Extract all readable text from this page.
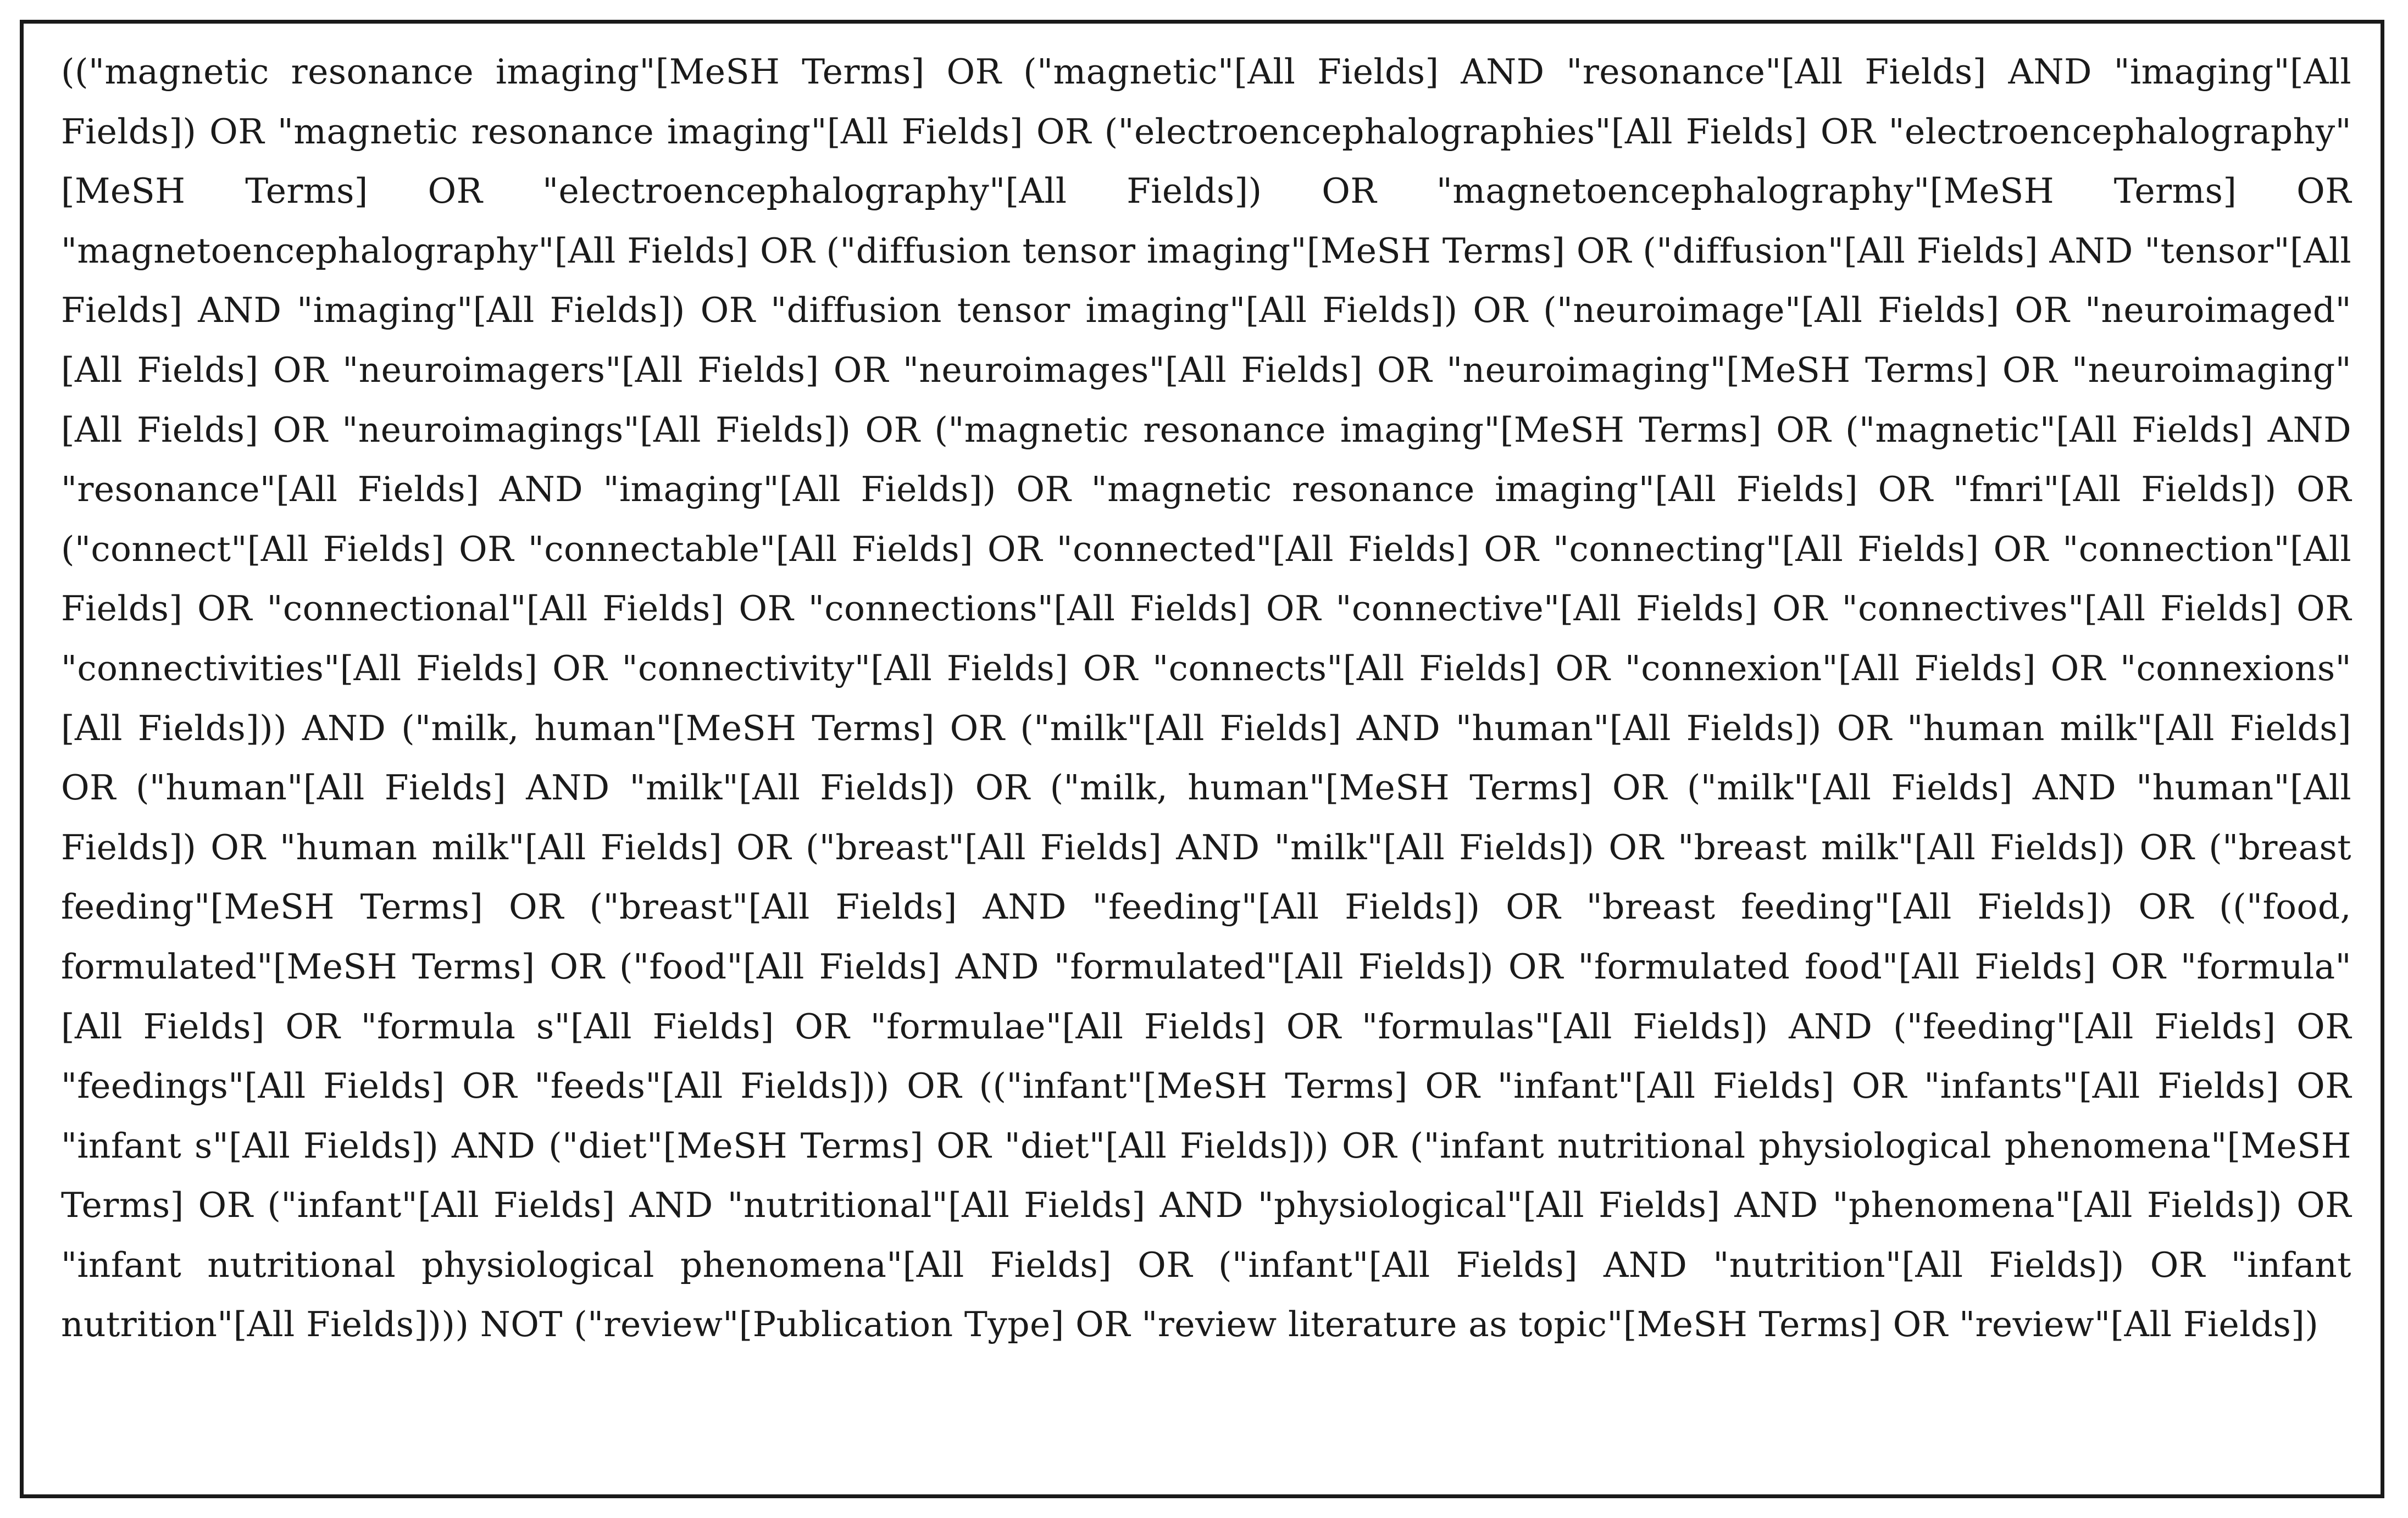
(("magnetic resonance imaging"[MeSH Terms] OR ("magnetic"[All Fields] AND "resonance"[All Fields] AND "imaging"[All Fields]) OR "magnetic resonance imaging"[All Fields] OR ("electroencephalographies"[All Fields] OR "electroencephalography"[MeSH Terms] OR "electroencephalography"[All Fields]) OR "magnetoencephalography"[MeSH Terms] OR "magnetoencephalography"[All Fields] OR ("diffusion tensor imaging"[MeSH Terms] OR ("diffusion"[All Fields] AND "tensor"[All Fields] AND "imaging"[All Fields]) OR "diffusion tensor imaging"[All Fields]) OR ("neuroimage"[All Fields] OR "neuroimaged"[All Fields] OR "neuroimagers"[All Fields] OR "neuroimages"[All Fields] OR "neuroimaging"[MeSH Terms] OR "neuroimaging"[All Fields] OR "neuroimagings"[All Fields]) OR ("magnetic resonance imaging"[MeSH Terms] OR ("magnetic"[All Fields] AND "resonance"[All Fields] AND "imaging"[All Fields]) OR "magnetic resonance imaging"[All Fields] OR "fmri"[All Fields]) OR ("connect"[All Fields] OR "connectable"[All Fields] OR "connected"[All Fields] OR "connecting"[All Fields] OR "connection"[All Fields] OR "connectional"[All Fields] OR "connections"[All Fields] OR "connective"[All Fields] OR "connectives"[All Fields] OR "connectivities"[All Fields] OR "connectivity"[All Fields] OR "connects"[All Fields] OR "connexion"[All Fields] OR "connexions"[All Fields])) AND ("milk, human"[MeSH Terms] OR ("milk"[All Fields] AND "human"[All Fields]) OR "human milk"[All Fields] OR ("human"[All Fields] AND "milk"[All Fields]) OR ("milk, human"[MeSH Terms] OR ("milk"[All Fields] AND "human"[All Fields]) OR "human milk"[All Fields] OR ("breast"[All Fields] AND "milk"[All Fields]) OR "breast milk"[All Fields]) OR ("breast feeding"[MeSH Terms] OR ("breast"[All Fields] AND "feeding"[All Fields]) OR "breast feeding"[All Fields]) OR (("food, formulated"[MeSH Terms] OR ("food"[All Fields] AND "formulated"[All Fields]) OR "formulated food"[All Fields] OR "formula"[All Fields] OR "formula s"[All Fields] OR "formulae"[All Fields] OR "formulas"[All Fields]) AND ("feeding"[All Fields] OR "feedings"[All Fields] OR "feeds"[All Fields])) OR (("infant"[MeSH Terms] OR "infant"[All Fields] OR "infants"[All Fields] OR "infant s"[All Fields]) AND ("diet"[MeSH Terms] OR "diet"[All Fields])) OR ("infant nutritional physiological phenomena"[MeSH Terms] OR ("infant"[All Fields] AND "nutritional"[All Fields] AND "physiological"[All Fields] AND "phenomena"[All Fields]) OR "infant nutritional physiological phenomena"[All Fields] OR ("infant"[All Fields] AND "nutrition"[All Fields]) OR "infant nutrition"[All Fields]))) NOT ("review"[Publication Type] OR "review literature as topic"[MeSH Terms] OR "review"[All Fields])
